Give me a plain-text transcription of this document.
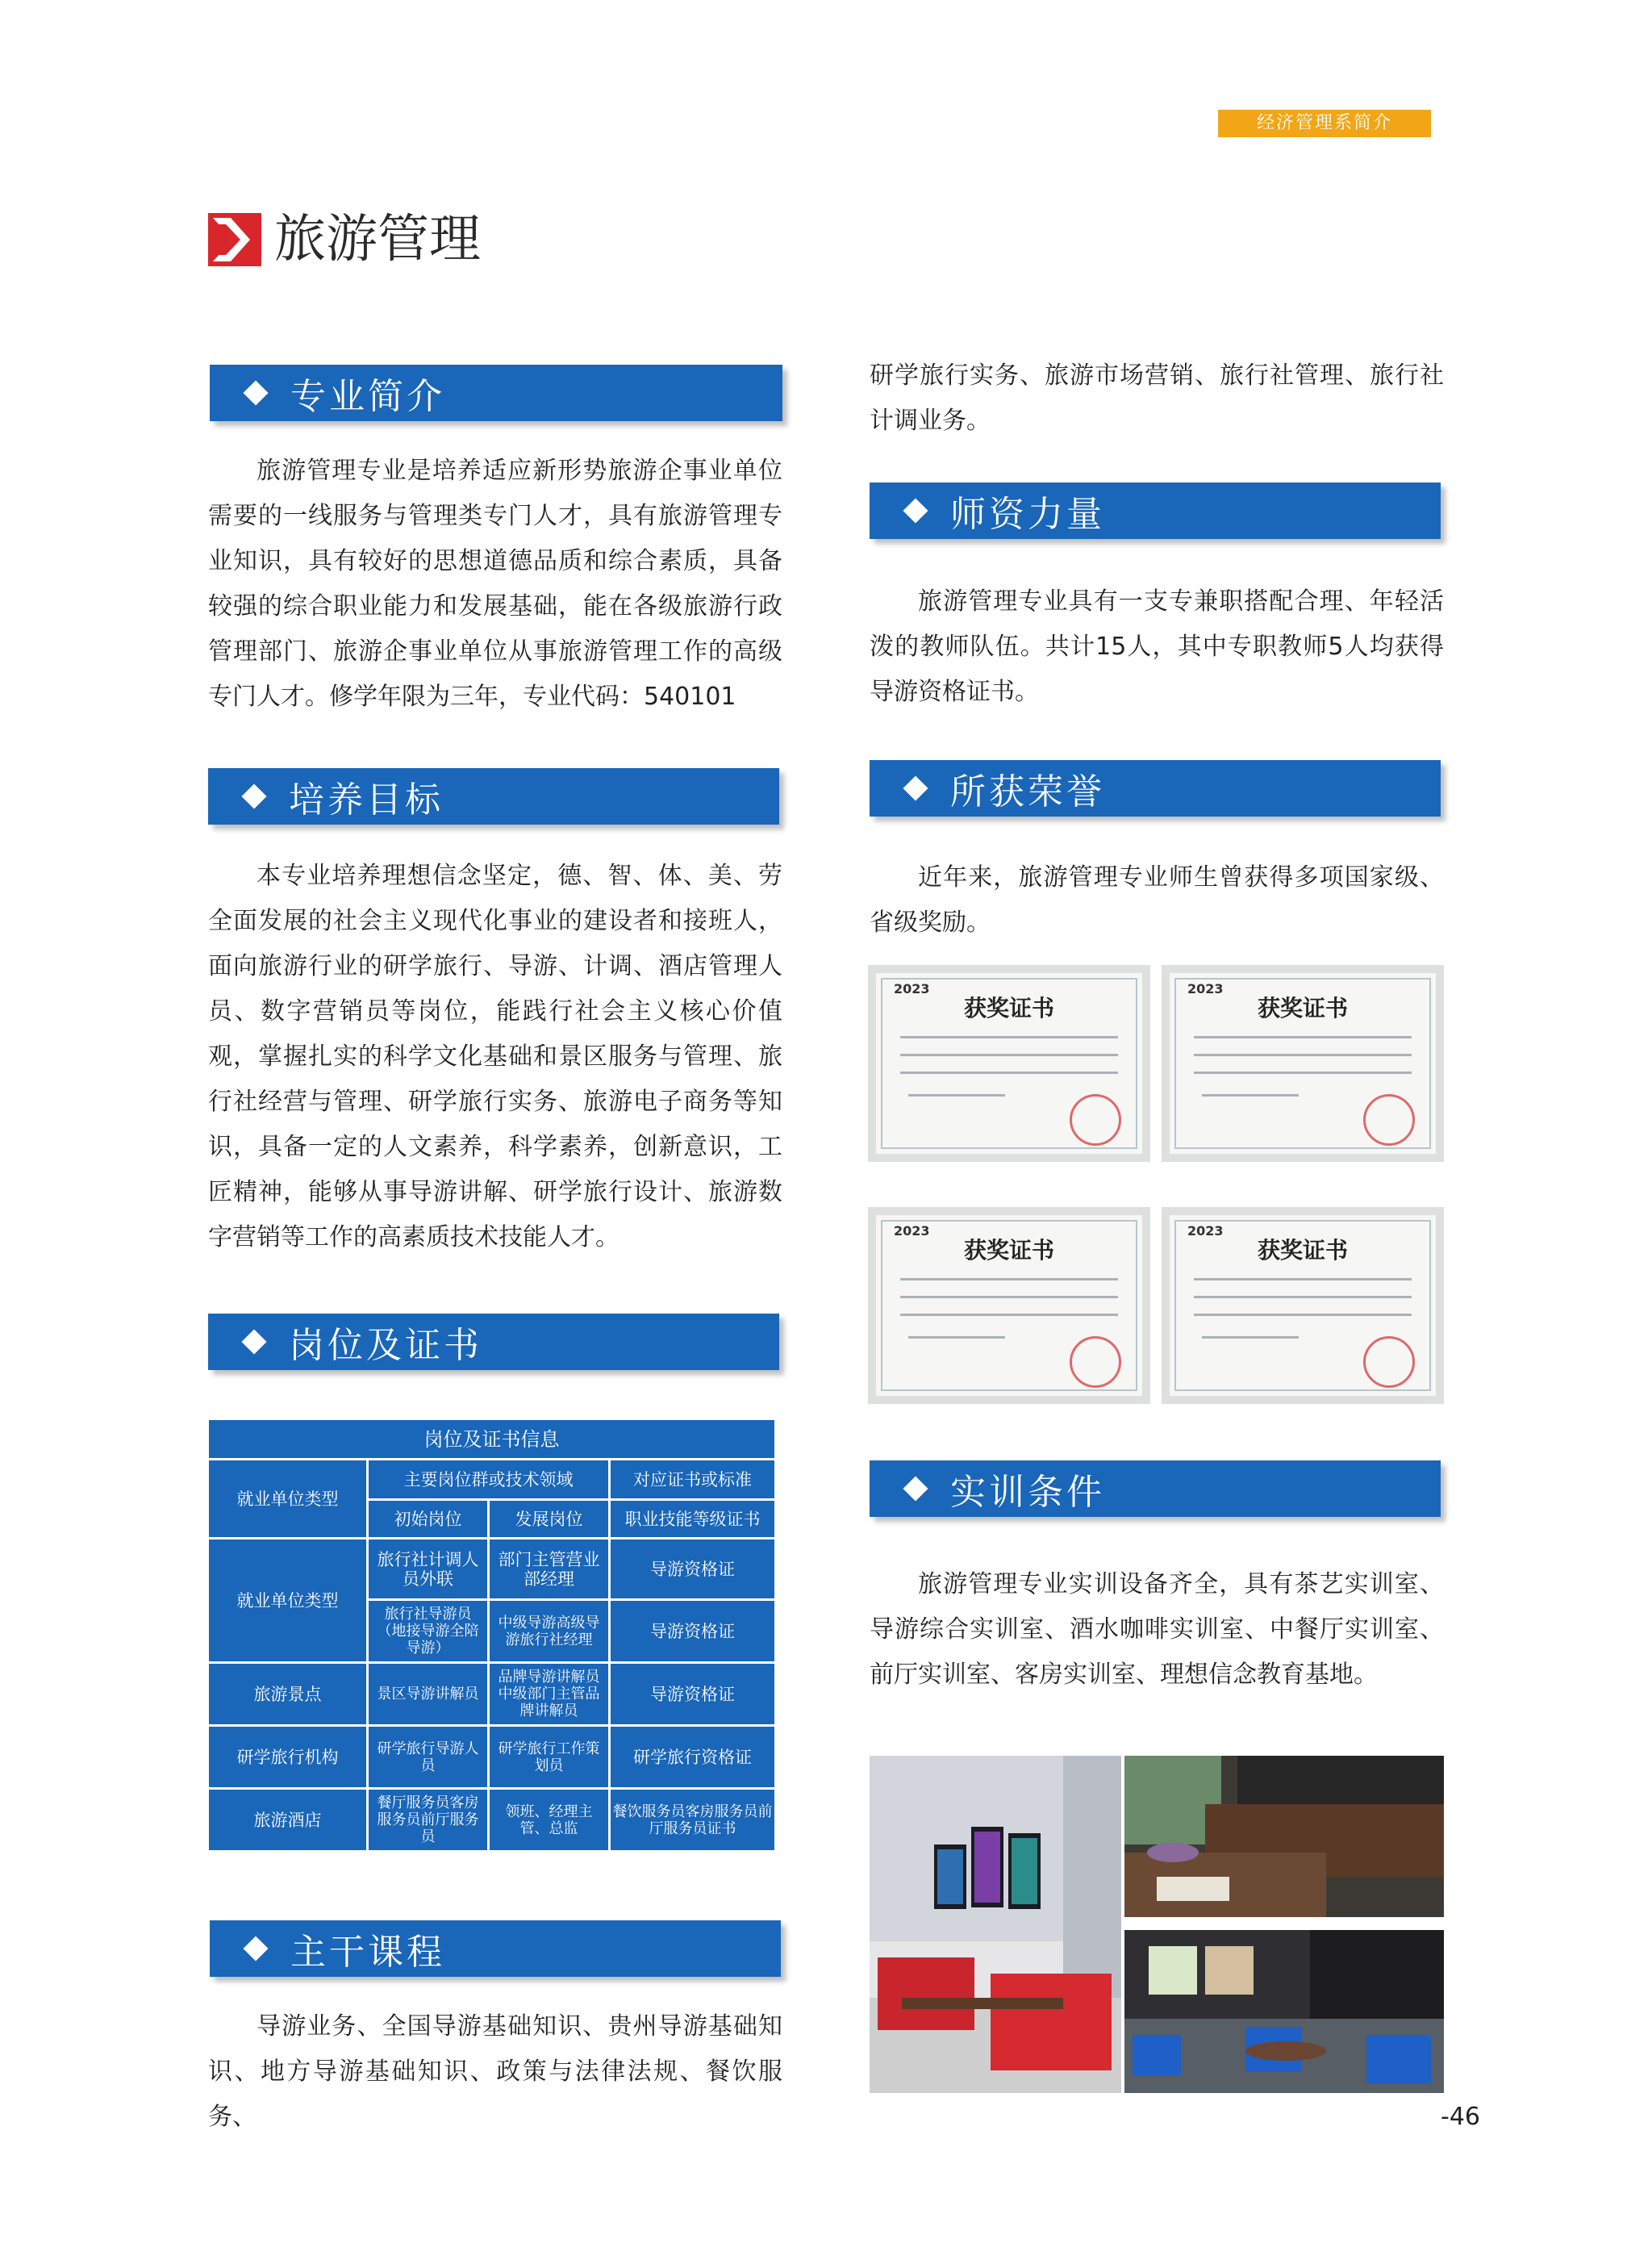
经济管理系简介
旅游管理
专业简介
旅游管理专业是培养适应新形势旅游企事业单位需要的一线服务与管理类专门人才，具有旅游管理专业知识，具有较好的思想道德品质和综合素质，具备较强的综合职业能力和发展基础，能在各级旅游行政管理部门、旅游企事业单位从事旅游管理工作的高级专门人才。修学年限为三年，专业代码：540101
培养目标
本专业培养理想信念坚定，德、智、体、美、劳全面发展的社会主义现代化事业的建设者和接班人，面向旅游行业的研学旅行、导游、计调、酒店管理人员、数字营销员等岗位，能践行社会主义核心价值观，掌握扎实的科学文化基础和景区服务与管理、旅行社经营与管理、研学旅行实务、旅游电子商务等知识，具备一定的人文素养，科学素养，创新意识，工匠精神，能够从事导游讲解、研学旅行设计、旅游数字营销等工作的高素质技术技能人才。
岗位及证书
岗位及证书信息			
就业单位类型	主要岗位群或技术领域		对应证书或标准
	初始岗位	发展岗位	职业技能等级证书
就业单位类型	旅行社计调人员外联	部门主管营业部经理	导游资格证
	旅行社导游员（地接导游全陪导游）	中级导游高级导游旅行社经理	导游资格证
旅游景点	景区导游讲解员	品牌导游讲解员中级部门主管品牌讲解员	导游资格证
研学旅行机构	研学旅行导游人员	研学旅行工作策划员	研学旅行资格证
旅游酒店	餐厅服务员客房服务员前厅服务员	领班、经理主管、总监	餐饮服务员客房服务员前厅服务员证书
主干课程
导游业务、全国导游基础知识、贵州导游基础知识、地方导游基础知识、政策与法律法规、餐饮服务、
研学旅行实务、旅游市场营销、旅行社管理、旅行社计调业务。
师资力量
旅游管理专业具有一支专兼职搭配合理、年轻活泼的教师队伍。共计15人，其中专职教师5人均获得导游资格证书。
所获荣誉
近年来，旅游管理专业师生曾获得多项国家级、省级奖励。
2023
获奖证书
2023
获奖证书
2023
获奖证书
2023
获奖证书
实训条件
旅游管理专业实训设备齐全，具有茶艺实训室、导游综合实训室、酒水咖啡实训室、中餐厅实训室、前厅实训室、客房实训室、理想信念教育基地。
-46
